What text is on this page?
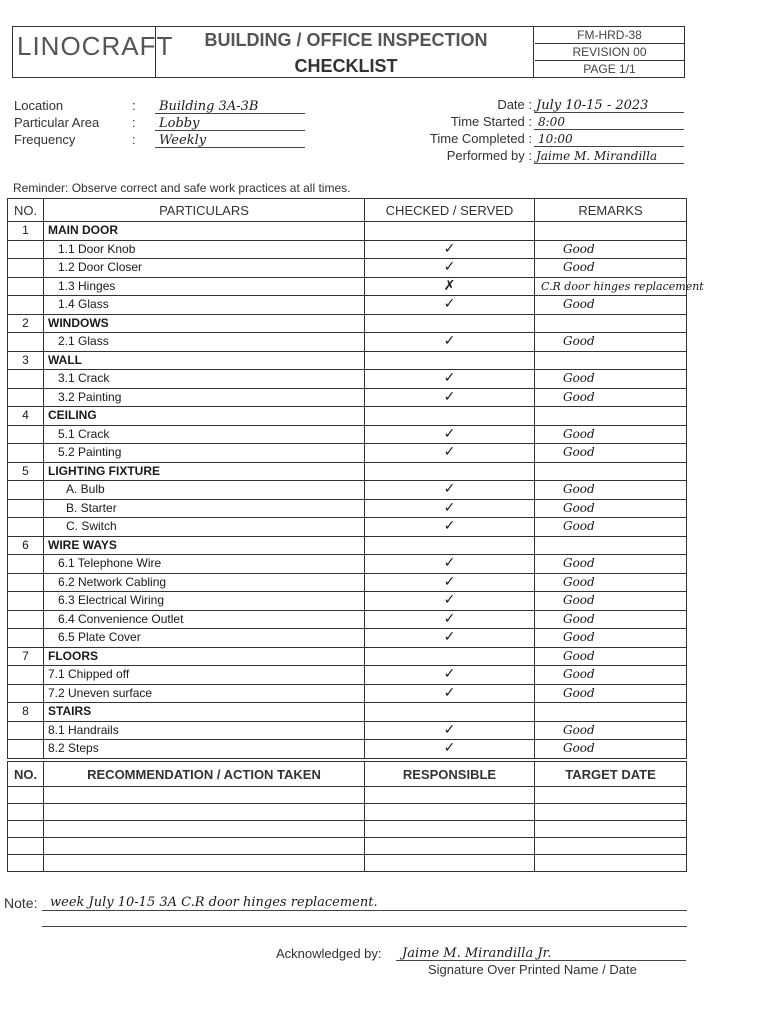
LINOCRAFT	BUILDING / OFFICE INSPECTION
CHECKLIST
FM-HRD-38
REVISION 00
PAGE 1/1
Location	:	Building 3A-3B
Particular Area	:	Lobby
Frequency	:	Weekly
Date : July 10-15 - 2023
Time Started : 8:00
Time Completed : 10:00
Performed by : Jaime M. Mirandilla
Reminder: Observe correct and safe work practices at all times.
NO.	PARTICULARS	CHECKED / SERVED	REMARKS
1	MAIN DOOR		
	1.1 Door Knob	✓	Good
	1.2 Door Closer	✓	Good
	1.3 Hinges	✗	C.R door hinges replacement
	1.4 Glass	✓	Good
2	WINDOWS		
	2.1 Glass	✓	Good
3	WALL		
	3.1 Crack	✓	Good
	3.2 Painting	✓	Good
4	CEILING		
	5.1 Crack	✓	Good
	5.2 Painting	✓	Good
5	LIGHTING FIXTURE		
	A. Bulb	✓	Good
	B. Starter	✓	Good
	C. Switch	✓	Good
6	WIRE WAYS		
	6.1 Telephone Wire	✓	Good
	6.2 Network Cabling	✓	Good
	6.3 Electrical Wiring	✓	Good
	6.4 Convenience Outlet	✓	Good
	6.5 Plate Cover	✓	Good
7	FLOORS		Good
	7.1 Chipped off	✓	Good
	7.2 Uneven surface	✓	Good
8	STAIRS		
	8.1 Handrails	✓	Good
	8.2 Steps	✓	Good
NO.	RECOMMENDATION / ACTION TAKEN	RESPONSIBLE	TARGET DATE

Note: week July 10-15 3A C.R door hinges replacement.
Acknowledged by:	Jaime M. Mirandilla Jr.
Signature Over Printed Name / Date
